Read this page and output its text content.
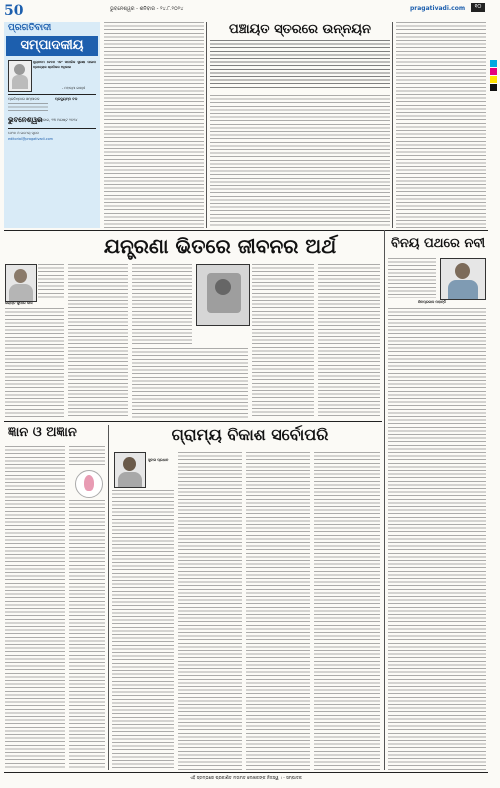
50	ଭୁବନେଶ୍ୱର - ଶନିବାର - ୨୪.୮.୨୦୨୪	pragativadi.com	୧୦
ପ୍ରଗତିବାଦୀ
ସମ୍ପାଦକୀୟ
ନ୍ୟୁନତମ ବେତନ ଏବଂ ସାମାଜିକ ସୁରକ୍ଷା ପାଇବା ପ୍ରତ୍ୟେକ ଶ୍ରମିକର ଅଧିକାର
- ମହାତ୍ମା ଗାନ୍ଧୀ
ପ୍ରତିଷ୍ଠାତା ସମ୍ପାଦକ	ପ୍ରଦ୍ୟୁମ୍ନ ବଳ
ଭୁବନେଶ୍ୱର
ଶୁକ୍ରବାର, ୨୩ ଅଗଷ୍ଟ ୨୦୨୪
ଫୋନ ଓ ଇମେଲ୍‌ ସୂଚନା
editorial@pragativadi.com
ପଞ୍ଚାୟତ ସ୍ତରରେ ଉନ୍ନୟନ
ଯନ୍ତ୍ରଣା ଭିତରେ ଜୀବନର ଅର୍ଥ	ବିନୟ ପଥରେ ନବୀ
ଜୟନ୍ତ କୁମାର ଦାସ	ଶିବପ୍ରସାଦ ମହାନ୍ତି
ଜ୍ଞାନ ଓ ଅଜ୍ଞାନ	ଗ୍ରାମ୍ୟ ବିକାଶ ସର୍ବୋପରି
ସୁବାସ ପ୍ରଧାନ
ଏହି ସ୍ତମ୍ଭରେ ପ୍ରକାଶିତ ମତାମତ ଲେଖକଙ୍କ ନିଜସ୍ୱ । - ସମ୍ପାଦକ
